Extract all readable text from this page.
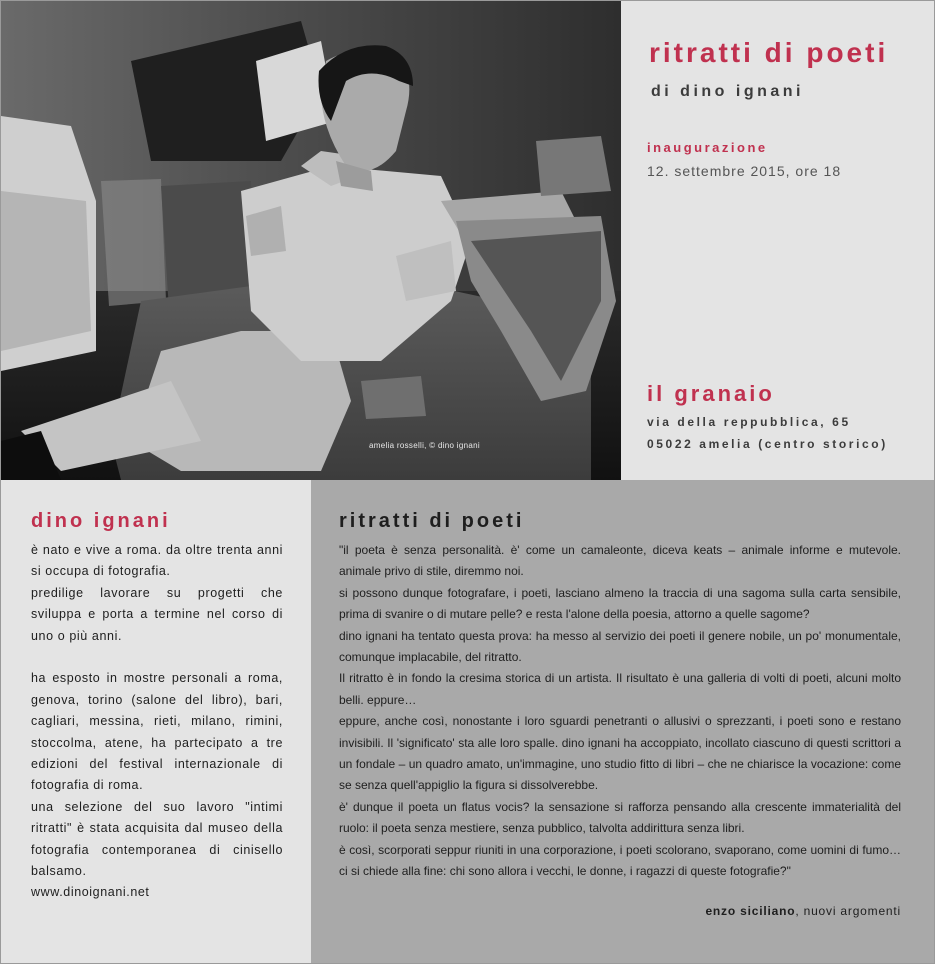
amelia rosselli, © dino ignani
ritratti di poeti
di dino ignani
inaugurazione
12. settembre 2015, ore 18
il granaio
via della reppubblica, 65
05022 amelia (centro storico)
dino ignani

è nato e vive a roma. da oltre trenta anni si occupa di fotografia.

predilige lavorare su progetti che sviluppa e porta a termine nel corso di uno o più anni.

ha esposto in mostre personali a roma, genova, torino (salone del libro), bari, cagliari, messina, rieti, milano, rimini, stoccolma, atene, ha partecipato a tre edizioni del festival internazionale di fotografia di roma.

una selezione del suo lavoro "intimi ritratti" è stata acquisita dal museo della fotografia contemporanea di cinisello balsamo.

www.dinoignani.net

ritratti di poeti

"il poeta è senza personalità. è' come un camaleonte, diceva keats – animale informe e mutevole. animale privo di stile, diremmo noi.

si possono dunque fotografare, i poeti, lasciano almeno la traccia di una sagoma sulla carta sensibile, prima di svanire o di mutare pelle? e resta l'alone della poesia, attorno a quelle sagome?

dino ignani ha tentato questa prova: ha messo al servizio dei poeti il genere nobile, un po' monumentale, comunque implacabile, del ritratto.

Il ritratto è in fondo la cresima storica di un artista. Il risultato è una galleria di volti di poeti, alcuni molto belli. eppure…

eppure, anche così, nonostante i loro sguardi penetranti o allusivi o sprezzanti, i poeti sono e restano invisibili. Il 'significato' sta alle loro spalle. dino ignani ha accoppiato, incollato ciascuno di questi scrittori a un fondale – un quadro amato, un'immagine, uno studio fitto di libri – che ne chiarisce la vocazione: come se senza quell'appiglio la figura si dissolverebbe.

è' dunque il poeta un flatus vocis? la sensazione si rafforza pensando alla crescente immaterialità del ruolo: il poeta senza mestiere, senza pubblico, talvolta addirittura senza libri.

è così, scorporati seppur riuniti in una corporazione, i poeti scolorano, svaporano, come uomini di fumo… ci si chiede alla fine: chi sono allora i vecchi, le donne, i ragazzi di queste fotografie?"

enzo siciliano, nuovi argomenti
